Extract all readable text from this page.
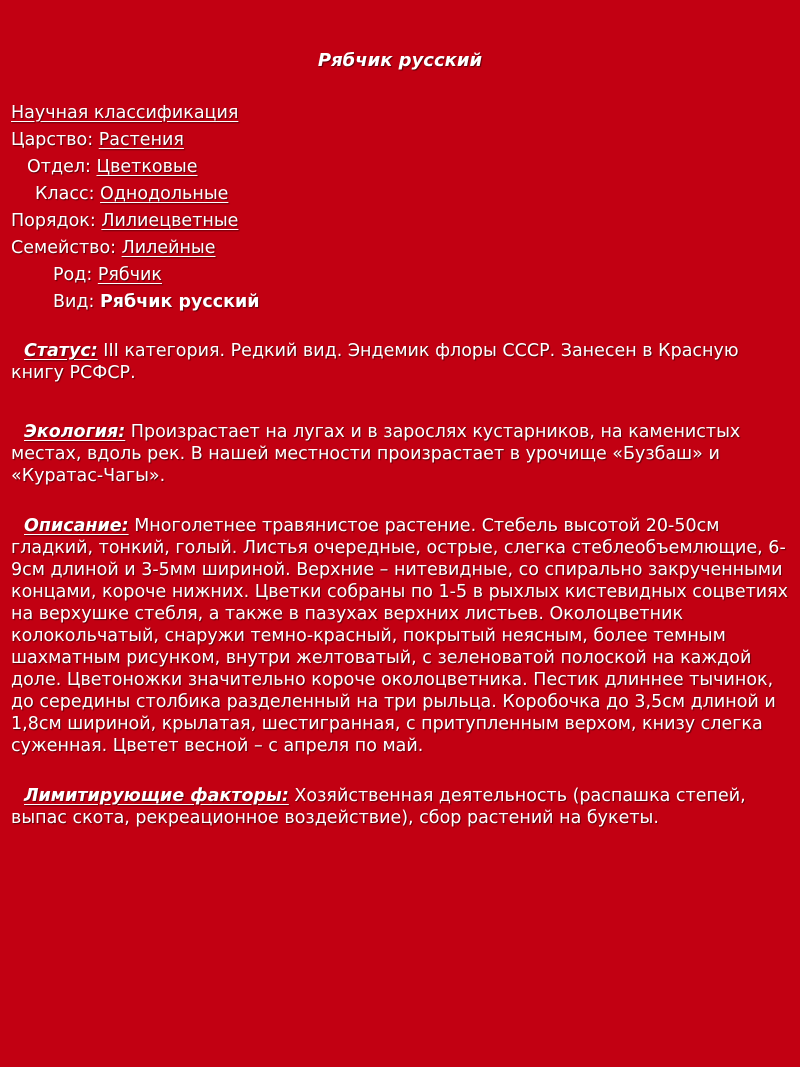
Рябчик русский
Научная классификация
Царство: Растения
Отдел: Цветковые
Класс: Однодольные
Порядок: Лилиецветные
Семейство: Лилейные
Род: Рябчик
Вид: Рябчик русский
Статус: III категория. Редкий вид. Эндемик флоры СССР. Занесен в Красную книгу РСФСР.
Экология: Произрастает на лугах и в зарослях кустарников, на каменистых местах, вдоль рек. В нашей местности произрастает в урочище «Бузбаш» и «Куратас-Чагы».
Описание: Многолетнее травянистое растение. Стебель высотой 20-50см гладкий, тонкий, голый. Листья очередные, острые, слегка стеблеобъемлющие, 6-9см длиной и 3-5мм шириной. Верхние – нитевидные, со спирально закрученными концами, короче нижних. Цветки собраны по 1-5 в рыхлых кистевидных соцветиях на верхушке стебля, а также в пазухах верхних листьев. Околоцветник колокольчатый, снаружи темно-красный, покрытый неясным, более темным шахматным рисунком, внутри желтоватый, с зеленоватой полоской на каждой доле. Цветоножки значительно короче околоцветника. Пестик длиннее тычинок, до середины столбика разделенный на три рыльца. Коробочка до 3,5см длиной и 1,8см шириной, крылатая, шестигранная, с притупленным верхом, книзу слегка суженная. Цветет весной – с апреля по май.
Лимитирующие факторы: Хозяйственная деятельность (распашка степей, выпас скота, рекреационное воздействие), сбор растений на букеты.
